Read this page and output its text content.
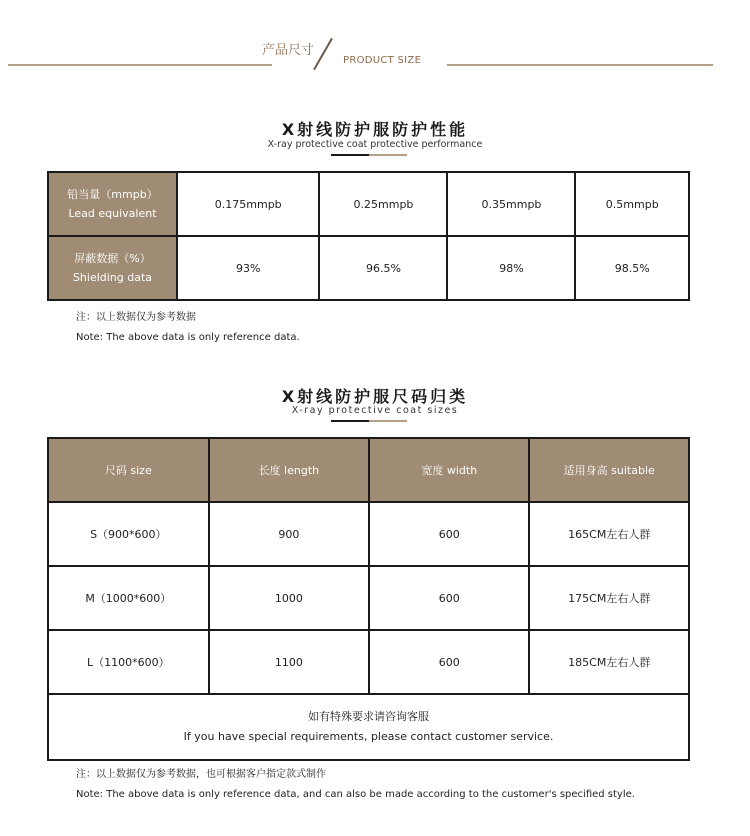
产品尺寸
PRODUCT SIZE
X射线防护服防护性能
X-ray protective coat protective performance
铅当量（mmpb）
Lead equivalent	0.175mmpb	0.25mmpb	0.35mmpb	0.5mmpb

屏蔽数据（%）
Shielding data	93%	96.5%	98%	98.5%
注：以上数据仅为参考数据
Note: The above data is only reference data.
X射线防护服尺码归类
X-ray protective coat sizes
尺码 size	长度 length	宽度 width	适用身高 suitable
S（900*600）	900	600	165CM左右人群
M（1000*600）	1000	600	175CM左右人群
L（1100*600）	1100	600	185CM左右人群

如有特殊要求请咨询客服
If you have special requirements, please contact customer service.			
注：以上数据仅为参考数据，也可根据客户指定款式制作
Note: The above data is only reference data, and can also be made according to the customer's specified style.
